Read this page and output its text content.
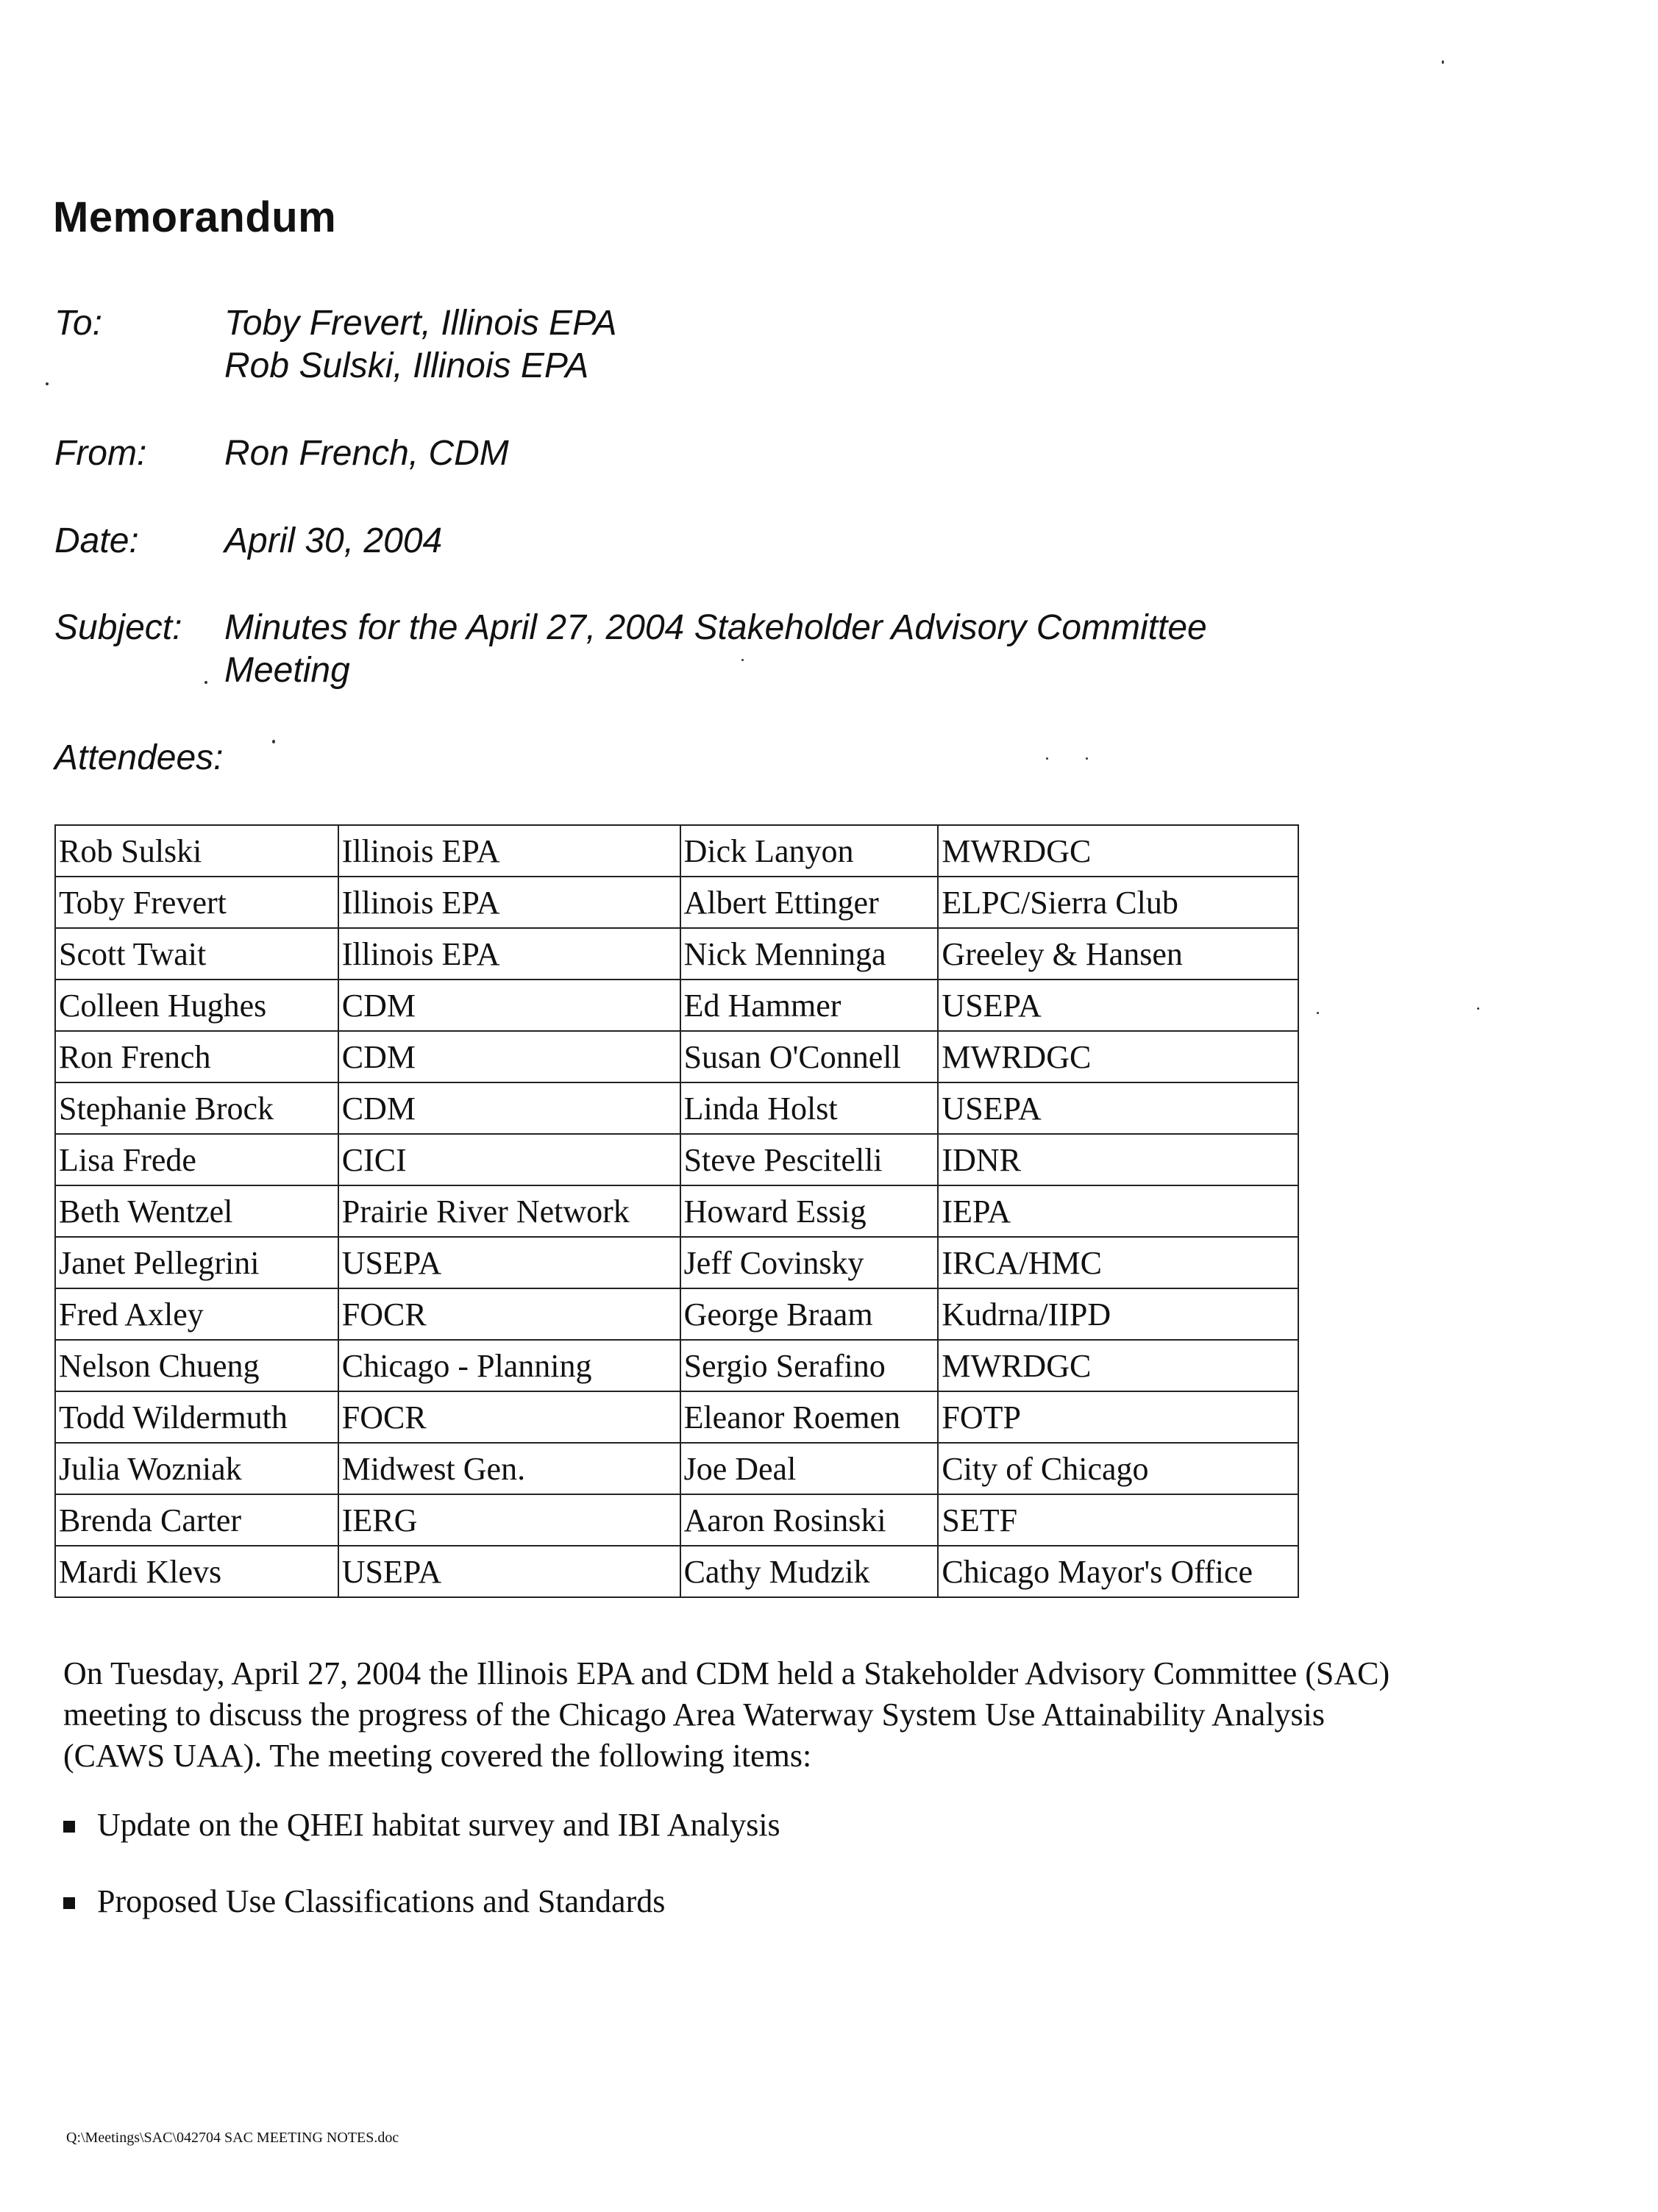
Memorandum
To:	Toby Frevert, Illinois EPA
Rob Sulski, Illinois EPA
From: Ron French, CDM
Date: April 30, 2004
Subject: Minutes for the April 27, 2004 Stakeholder Advisory Committee
Meeting
Attendees:
Rob Sulski	Illinois EPA	Dick Lanyon	MWRDGC
Toby Frevert	Illinois EPA	Albert Ettinger	ELPC/Sierra Club
Scott Twait	Illinois EPA	Nick Menninga	Greeley & Hansen
Colleen Hughes	CDM	Ed Hammer	USEPA
Ron French	CDM	Susan O'Connell	MWRDGC
Stephanie Brock	CDM	Linda Holst	USEPA
Lisa Frede	CICI	Steve Pescitelli	IDNR
Beth Wentzel	Prairie River Network	Howard Essig	IEPA
Janet Pellegrini	USEPA	Jeff Covinsky	IRCA/HMC
Fred Axley	FOCR	George Braam	Kudrna/IIPD
Nelson Chueng	Chicago - Planning	Sergio Serafino	MWRDGC
Todd Wildermuth	FOCR	Eleanor Roemen	FOTP
Julia Wozniak	Midwest Gen.	Joe Deal	City of Chicago
Brenda Carter	IERG	Aaron Rosinski	SETF
Mardi Klevs	USEPA	Cathy Mudzik	Chicago Mayor's Office
On Tuesday, April 27, 2004 the Illinois EPA and CDM held a Stakeholder Advisory Committee (SAC) meeting to discuss the progress of the Chicago Area Waterway System Use Attainability Analysis (CAWS UAA). The meeting covered the following items:
Update on the QHEI habitat survey and IBI Analysis
Proposed Use Classifications and Standards
Q:\Meetings\SAC\042704 SAC MEETING NOTES.doc
